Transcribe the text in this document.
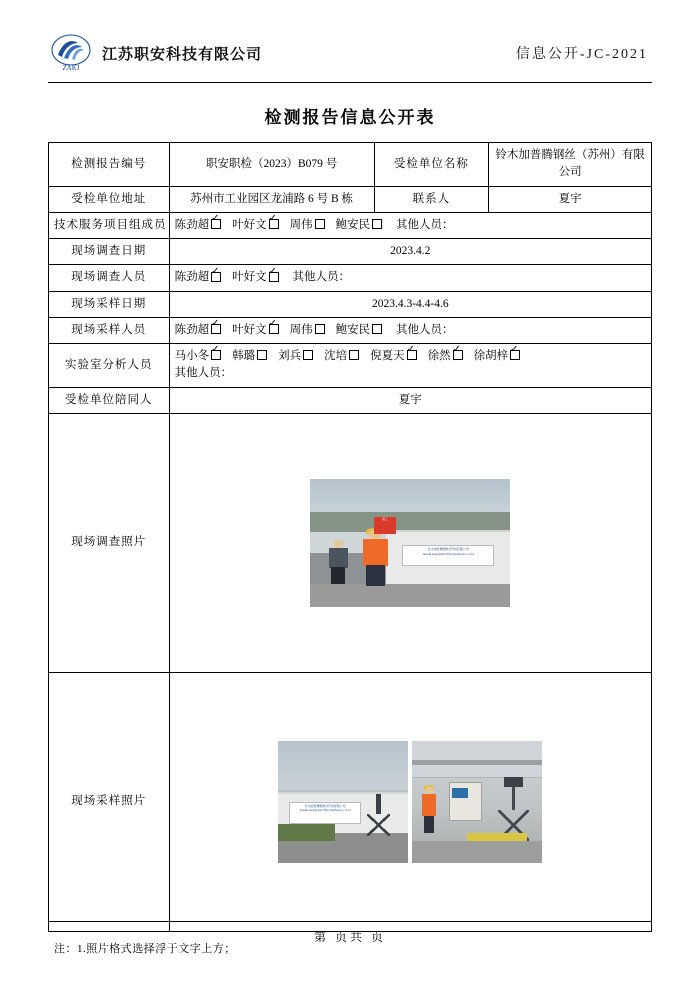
ZAKJ
江苏职安科技有限公司	信息公开-JC-2021
检测报告信息公开表
检测报告编号	职安职检（2023）B079 号	受检单位名称	铃木加普腾钢丝（苏州）有限公司
受检单位地址	苏州市工业园区龙浦路 6 号 B 栋	联系人	夏宇
技术服务项目组成员	陈劲超 ✓ 叶好文 ✓ 周伟 鲍安民 其他人员：
现场调查日期	2023.4.2		
现场调查人员	陈劲超 ✓ 叶好文 ✓ 其他人员：
现场采样日期	2023.4.3-4.4-4.6		
现场采样人员	陈劲超 ✓ 叶好文 ✓ 周伟 鲍安民 其他人员：
实验室分析人员	马小冬 ✓ 韩璐 刘兵 沈培 倪夏天 ✓ 徐然 ✓ 徐胡梓✓
其他人员：

受检单位陪同人	夏宇		
现场调查照片	铃木加普腾钢丝(苏州)有限公司
Suzuki Garphyttan Wire (Suzhou) Co.,Ltd
施工		

现场采样照片	铃木加普腾钢丝(苏州)有限公司
Suzuki Garphyttan Wire (Suzhou) Co.,Ltd		
注：1.照片格式选择浮于文字上方；
第 页共 页
